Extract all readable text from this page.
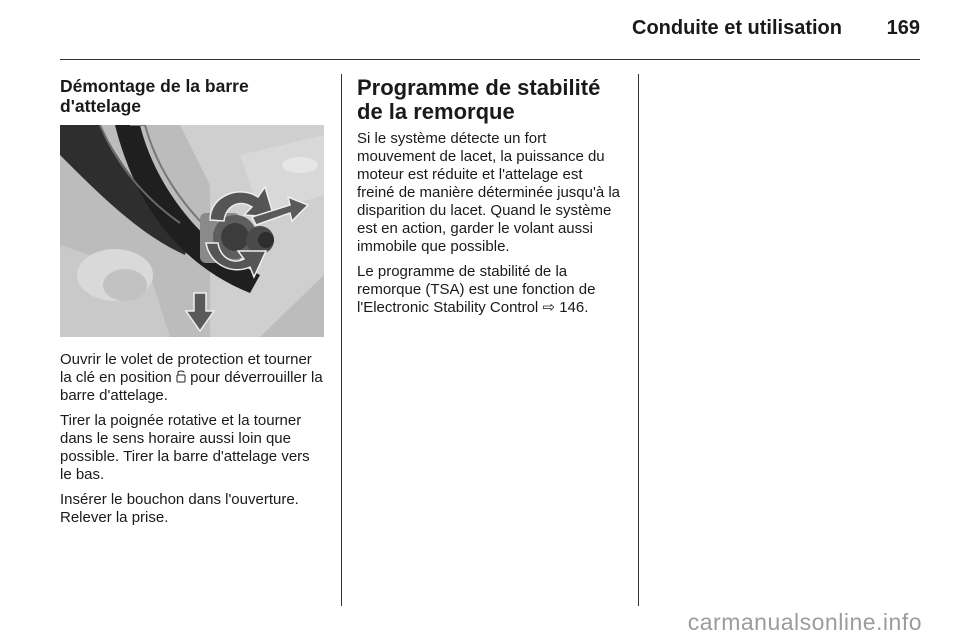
Conduite et utilisation 169
Démontage de la barre d'attelage

Ouvrir le volet de protection et tourner la clé en position  pour déverrouiller la barre d'attelage.

Tirer la poignée rotative et la tourner dans le sens horaire aussi loin que possible. Tirer la barre d'attelage vers le bas.

Insérer le bouchon dans l'ouverture. Relever la prise.

Programme de stabilité de la remorque

Si le système détecte un fort mouvement de lacet, la puissance du moteur est réduite et l'attelage est freiné de manière déterminée jusqu'à la disparition du lacet. Quand le système est en action, garder le volant aussi immobile que possible.

Le programme de stabilité de la remorque (TSA) est une fonction de l'Electronic Stability Control ⇨ 146.

carmanualsonline.info
